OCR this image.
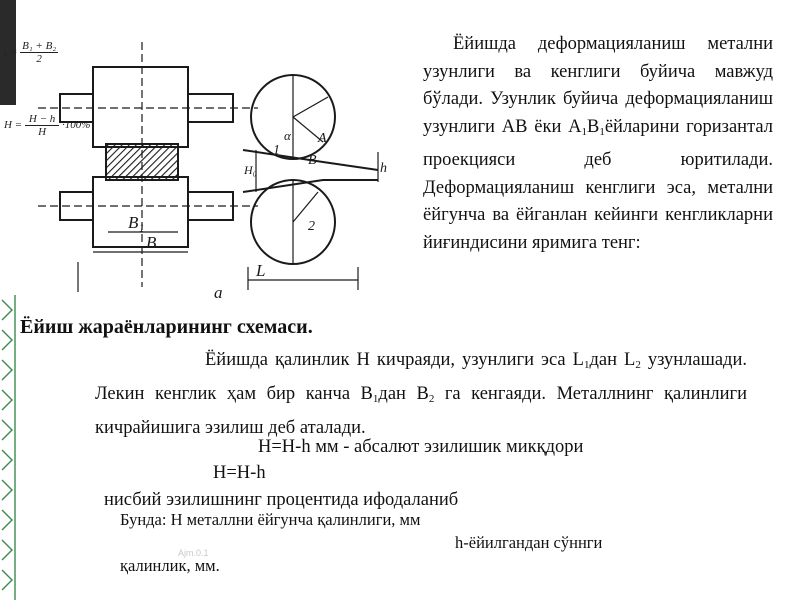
$_a = \frac{\text{B₁ + B₂}}{2}$
$H = \frac{H - h}{H} \cdot 100\%$
B₁
B
H₀	h
α A
B
1
2
L
a

Ёйишда деформацияланиш метални узунлиги ва кенглиги буйича мавжуд бўлади. Узунлик буйича деформацияланиш узунлиги АВ ёки $А_1В_1ёйларини$ горизантал проекцияси деб юритилади. Деформацияланиш кенглиги эса, метални ёйгунча ва ёйганлан кейинги кенгликларни йиғиндисини яримига тенг:

Ёйиш жараёнларининг схемаси.

Ёйишда қалинлик Н кичраяди, узунлиги эса $L_1дан$ $L_2$ узунлашади. Лекин кенглик ҳам бир канча $В_1дан$ $В_2$ га кенгаяди. Металлнинг қалинлиги кичрайишига эзилиш деб аталади.

Н=Н-h мм - абсалют эзилишик микқдори
Н=Н-h
нисбий эзилишнинг процентида ифодаланиб
Бунда: Н металлни ёйгунча қалинлиги, мм
h-ёйилгандан сўннги
қалинлик, мм.
Ajm.0.1
